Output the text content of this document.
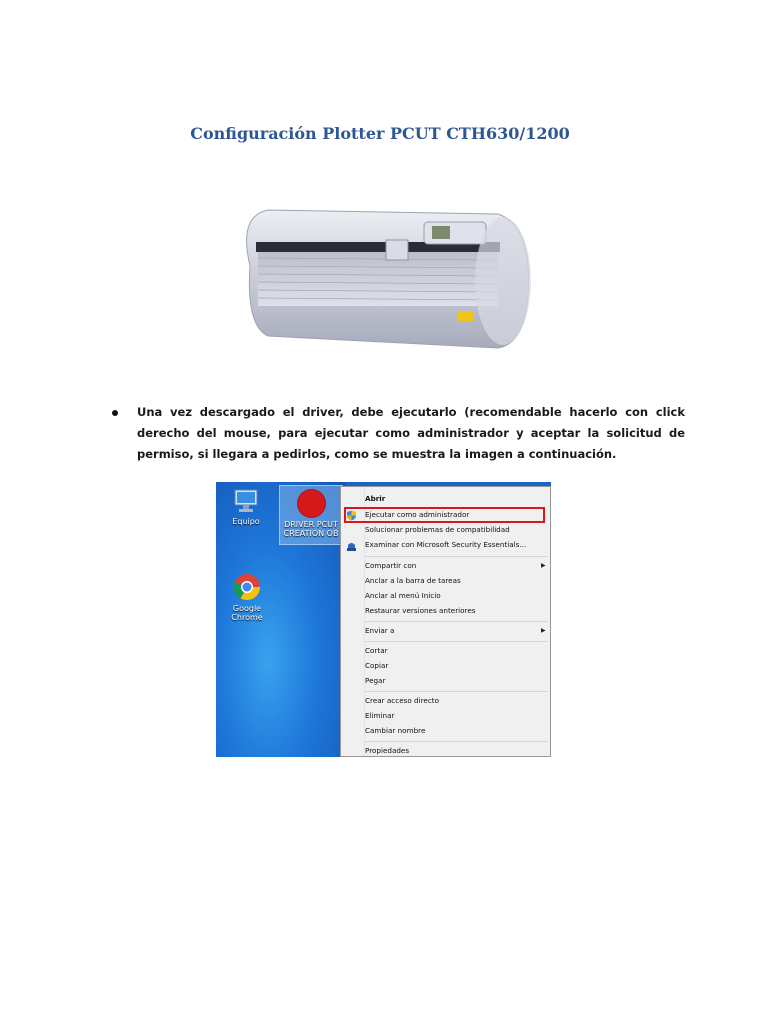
Configuración Plotter PCUT CTH630/1200
Una vez descargado el driver, debe ejecutarlo (recomendable hacerlo con click derecho del mouse, para ejecutar como administrador y aceptar la solicitud de permiso, si llegara a pedirlos, como se muestra la imagen a continuación.
Equipo	DRIVER PCUT CREATION OB
Google Chrome
Abrir
Ejecutar como administrador
Solucionar problemas de compatibilidad
Examinar con Microsoft Security Essentials...
Compartir con	▶
Anclar a la barra de tareas
Anclar al menú Inicio
Restaurar versiones anteriores
Enviar a	▶
Cortar
Copiar
Pegar
Crear acceso directo
Eliminar
Cambiar nombre
Propiedades
